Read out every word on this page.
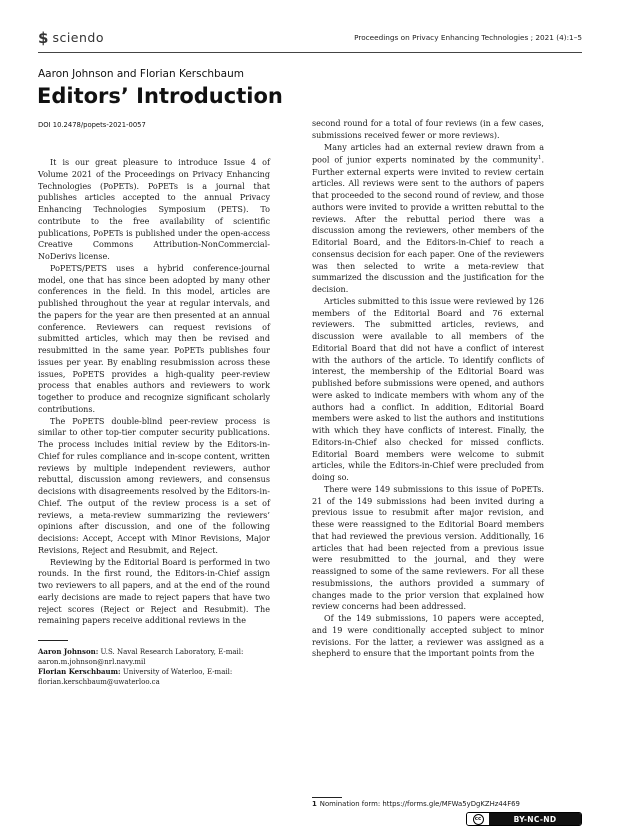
$ sciendo	Proceedings on Privacy Enhancing Technologies ; 2021 (4):1–5
Aaron Johnson and Florian Kerschbaum
Editors’ Introduction
DOI 10.2478/popets-2021-0057

It is our great pleasure to introduce Issue 4 of Volume 2021 of the Proceedings on Privacy Enhancing Technologies (PoPETs). PoPETs is a journal that publishes articles accepted to the annual Privacy Enhancing Technologies Symposium (PETS). To contribute to the free availability of scientific publications, PoPETs is published under the open-access Creative Commons Attribution-NonCommercial-NoDerivs license.

PoPETS/PETS uses a hybrid conference-journal model, one that has since been adopted by many other conferences in the field. In this model, articles are published throughout the year at regular intervals, and the papers for the year are then presented at an annual conference. Reviewers can request revisions of submitted articles, which may then be revised and resubmitted in the same year. PoPETs publishes four issues per year. By enabling resubmission across these issues, PoPETS provides a high-quality peer-review process that enables authors and reviewers to work together to produce and recognize significant scholarly contributions.

The PoPETS double-blind peer-review process is similar to other top-tier computer security publications. The process includes initial review by the Editors-in-Chief for rules compliance and in-scope content, written reviews by multiple independent reviewers, author rebuttal, discussion among reviewers, and consensus decisions with disagreements resolved by the Editors-in-Chief. The output of the review process is a set of reviews, a meta-review summarizing the reviewers’ opinions after discussion, and one of the following decisions: Accept, Accept with Minor Revisions, Major Revisions, Reject and Resubmit, and Reject.

Reviewing by the Editorial Board is performed in two rounds. In the first round, the Editors-in-Chief assign two reviewers to all papers, and at the end of the round early decisions are made to reject papers that have two reject scores (Reject or Reject and Resubmit). The remaining papers receive additional reviews in the

second round for a total of four reviews (in a few cases, submissions received fewer or more reviews).

Many articles had an external review drawn from a pool of junior experts nominated by the community$^1$. Further external experts were invited to review certain articles. All reviews were sent to the authors of papers that proceeded to the second round of review, and those authors were invited to provide a written rebuttal to the reviews. After the rebuttal period there was a discussion among the reviewers, other members of the Editorial Board, and the Editors-in-Chief to reach a consensus decision for each paper. One of the reviewers was then selected to write a meta-review that summarized the discussion and the justification for the decision.

Articles submitted to this issue were reviewed by 126 members of the Editorial Board and 76 external reviewers. The submitted articles, reviews, and discussion were available to all members of the Editorial Board that did not have a conflict of interest with the authors of the article. To identify conflicts of interest, the membership of the Editorial Board was published before submissions were opened, and authors were asked to indicate members with whom any of the authors had a conflict. In addition, Editorial Board members were asked to list the authors and institutions with which they have conflicts of interest. Finally, the Editors-in-Chief also checked for missed conflicts. Editorial Board members were welcome to submit articles, while the Editors-in-Chief were precluded from doing so.

There were 149 submissions to this issue of PoPETs. 21 of the 149 submissions had been invited during a previous issue to resubmit after major revision, and these were reassigned to the Editorial Board members that had reviewed the previous version. Additionally, 16 articles that had been rejected from a previous issue were resubmitted to the journal, and they were reassigned to some of the same reviewers. For all these resubmissions, the authors provided a summary of changes made to the prior version that explained how review concerns had been addressed.

Of the 149 submissions, 10 papers were accepted, and 19 were conditionally accepted subject to minor revisions. For the latter, a reviewer was assigned as a shepherd to ensure that the important points from the

Aaron Johnson: U.S. Naval Research Laboratory, E-mail: aaron.m.johnson@nrl.navy.mil

Florian Kerschbaum: University of Waterloo, E-mail: florian.kerschbaum@uwaterloo.ca

1 Nomination form: https://forms.gle/MFWa5yDgKZHz44F69
cc	BY-NC-ND
